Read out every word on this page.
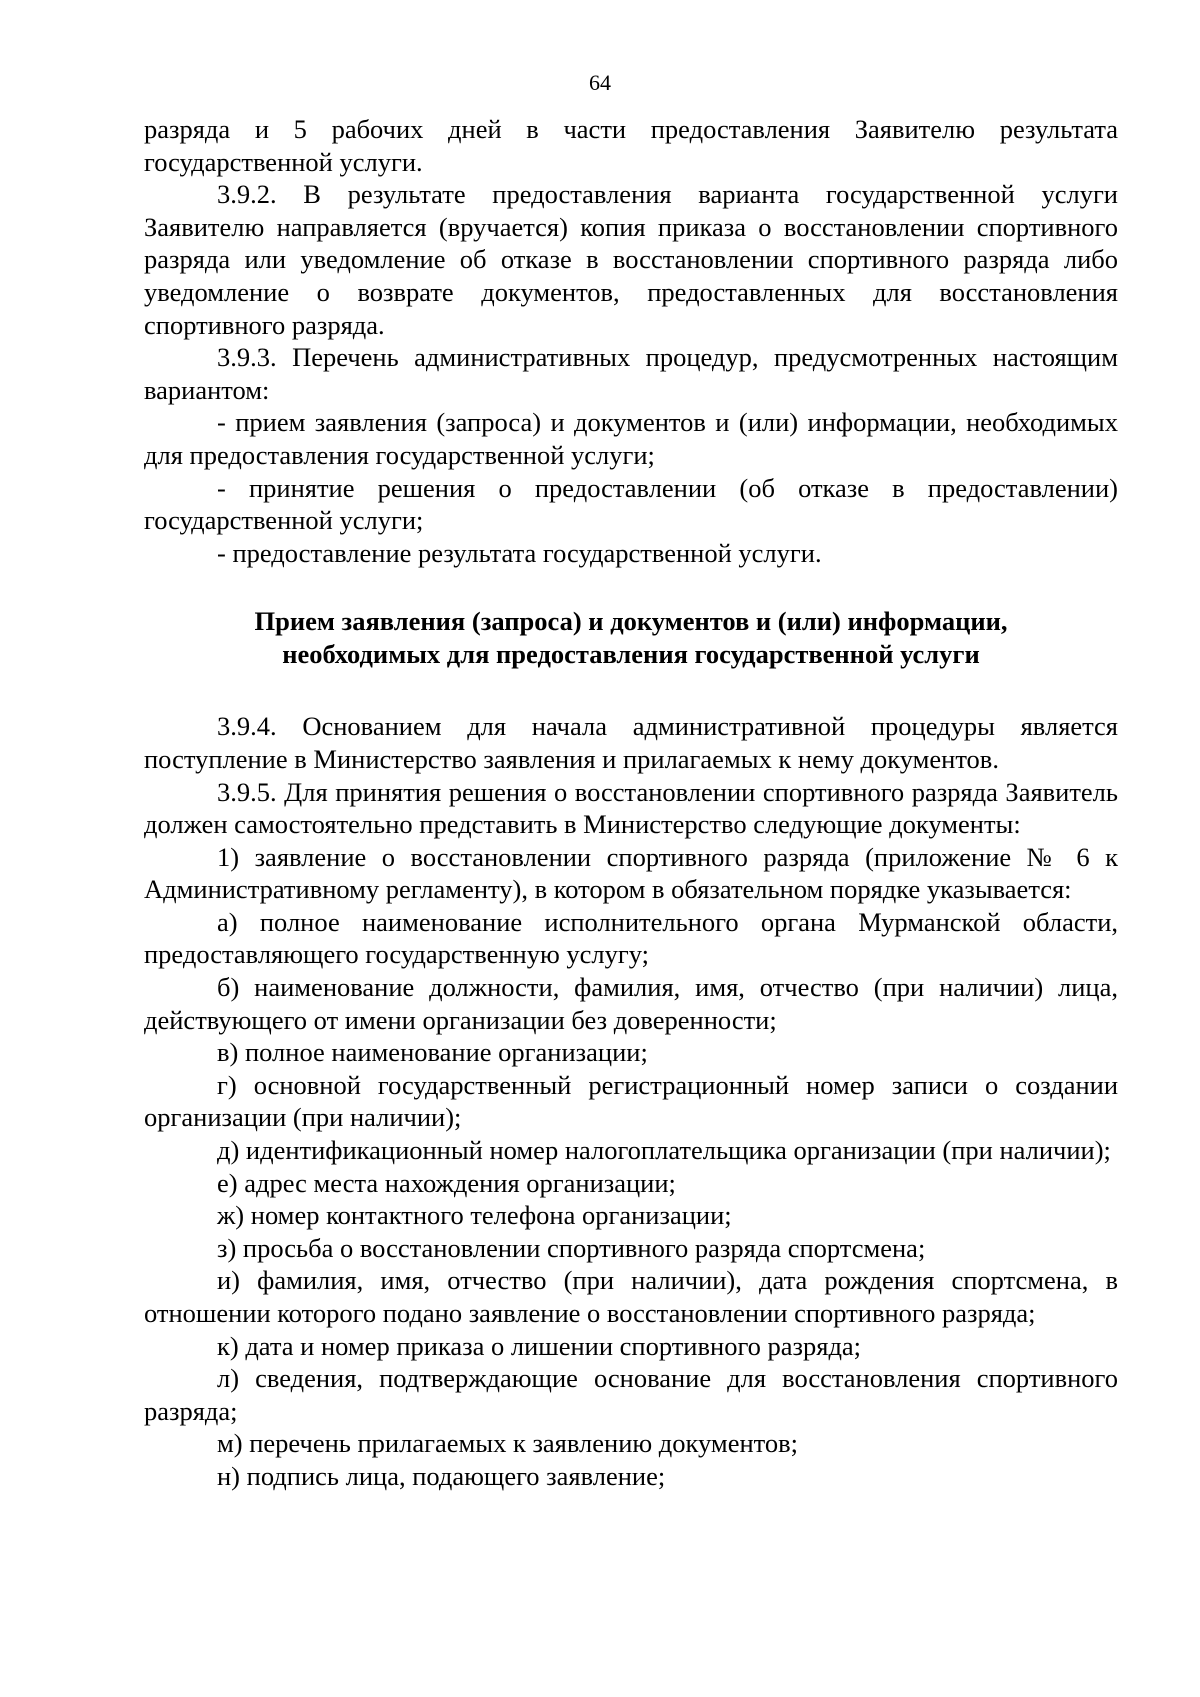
64

разряда и 5 рабочих дней в части предоставления Заявителю результата государственной услуги.

3.9.2. В результате предоставления варианта государственной услуги Заявителю направляется (вручается) копия приказа о восстановлении спортивного разряда или уведомление об отказе в восстановлении спортивного разряда либо уведомление о возврате документов, предоставленных для восстановления спортивного разряда.

3.9.3. Перечень административных процедур, предусмотренных настоящим вариантом:

- прием заявления (запроса) и документов и (или) информации, необходимых для предоставления государственной услуги;

- принятие решения о предоставлении (об отказе в предоставлении) государственной услуги;

- предоставление результата государственной услуги.

Прием заявления (запроса) и документов и (или) информации,
необходимых для предоставления государственной услуги

3.9.4. Основанием для начала административной процедуры является поступление в Министерство заявления и прилагаемых к нему документов.

3.9.5. Для принятия решения о восстановлении спортивного разряда Заявитель должен самостоятельно представить в Министерство следующие документы:

1) заявление о восстановлении спортивного разряда (приложение № 6 к Административному регламенту), в котором в обязательном порядке указывается:

а) полное наименование исполнительного органа Мурманской области, предоставляющего государственную услугу;

б) наименование должности, фамилия, имя, отчество (при наличии) лица, действующего от имени организации без доверенности;

в) полное наименование организации;

г) основной государственный регистрационный номер записи о создании организации (при наличии);

д) идентификационный номер налогоплательщика организации (при наличии);

е) адрес места нахождения организации;

ж) номер контактного телефона организации;

з) просьба о восстановлении спортивного разряда спортсмена;

и) фамилия, имя, отчество (при наличии), дата рождения спортсмена, в отношении которого подано заявление о восстановлении спортивного разряда;

к) дата и номер приказа о лишении спортивного разряда;

л) сведения, подтверждающие основание для восстановления спортивного разряда;

м) перечень прилагаемых к заявлению документов;

н) подпись лица, подающего заявление;
